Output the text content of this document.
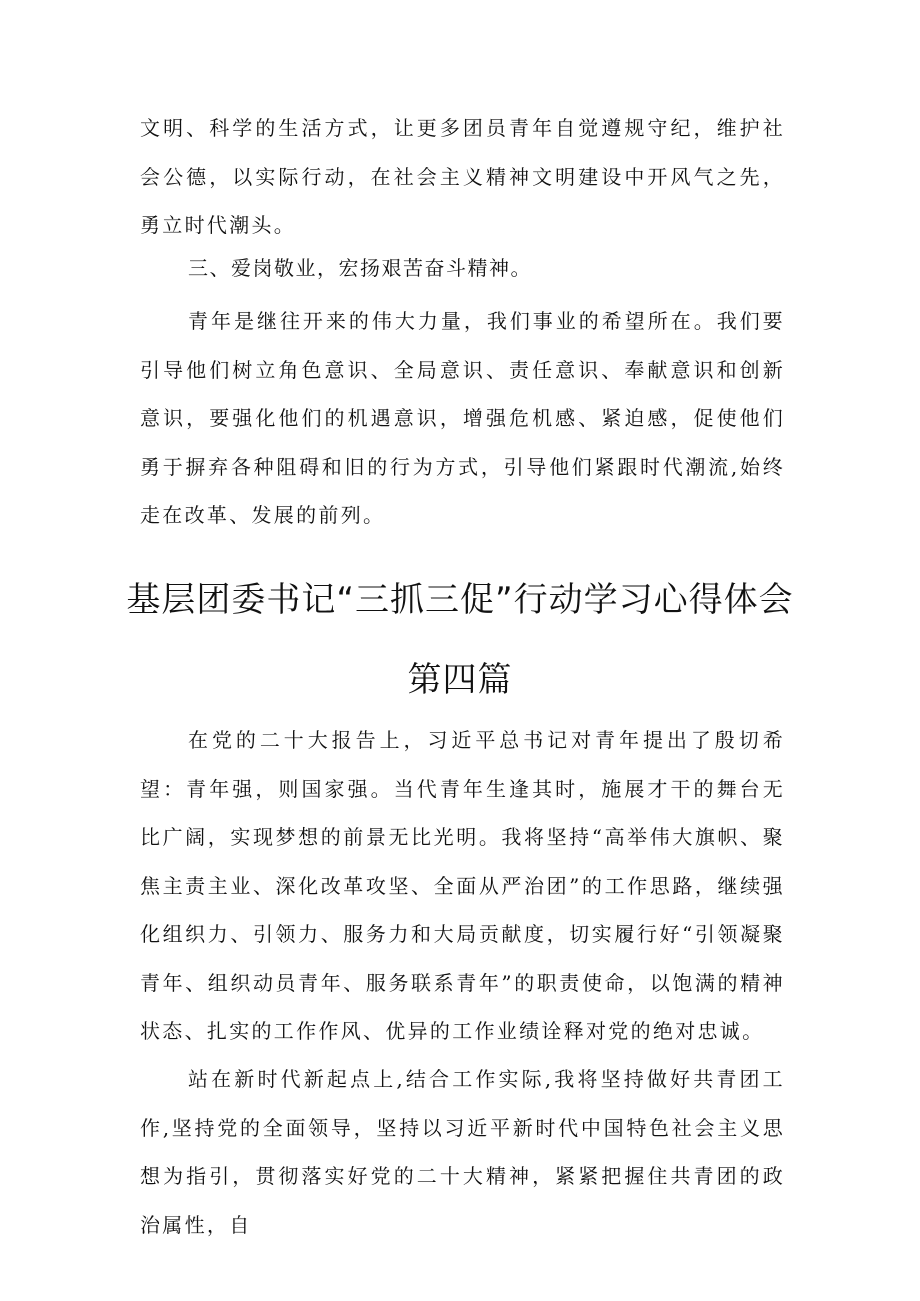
文明、科学的生活方式，让更多团员青年自觉遵规守纪，维护社会公德，以实际行动，在社会主义精神文明建设中开风气之先，勇立时代潮头。

三、爱岗敬业，宏扬艰苦奋斗精神。

青年是继往开来的伟大力量，我们事业的希望所在。我们要引导他们树立角色意识、全局意识、责任意识、奉献意识和创新意识，要强化他们的机遇意识，增强危机感、紧迫感，促使他们勇于摒弃各种阻碍和旧的行为方式，引导他们紧跟时代潮流,始终走在改革、发展的前列。

基层团委书记“三抓三促”行动学习心得体会
第四篇

在党的二十大报告上，习近平总书记对青年提出了殷切希望：青年强，则国家强。当代青年生逢其时，施展才干的舞台无比广阔，实现梦想的前景无比光明。我将坚持“高举伟大旗帜、聚焦主责主业、深化改革攻坚、全面从严治团”的工作思路，继续强化组织力、引领力、服务力和大局贡献度，切实履行好“引领凝聚青年、组织动员青年、服务联系青年”的职责使命，以饱满的精神状态、扎实的工作作风、优异的工作业绩诠释对党的绝对忠诚。

站在新时代新起点上,结合工作实际,我将坚持做好共青团工作,坚持党的全面领导，坚持以习近平新时代中国特色社会主义思想为指引，贯彻落实好党的二十大精神，紧紧把握住共青团的政治属性，自
